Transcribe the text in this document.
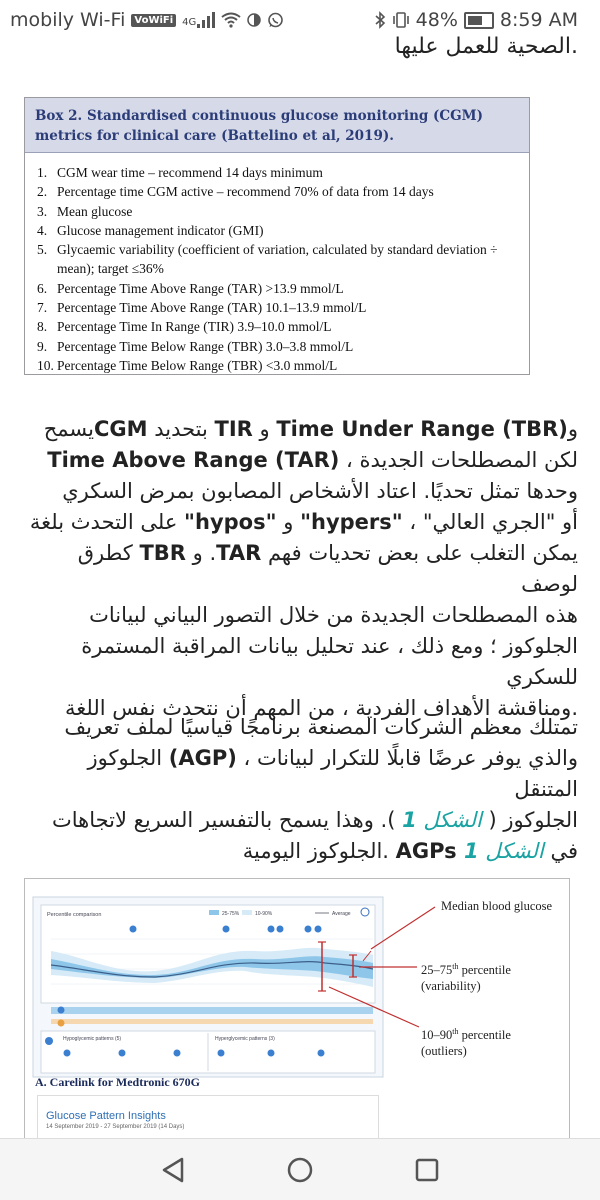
mobily Wi-Fi VoWiFi 4G	48% 8:59 AM
.الصحية للعمل عليها
Box 2. Standardised continuous glucose monitoring (CGM) metrics for clinical care (Battelino et al, 2019).
1. CGM wear time – recommend 14 days minimum
2. Percentage time CGM active – recommend 70% of data from 14 days
3. Mean glucose
4. Glucose management indicator (GMI)
5. Glycaemic variability (coefficient of variation, calculated by standard deviation ÷ mean); target ≤36%
6. Percentage Time Above Range (TAR) >13.9 mmol/L
7. Percentage Time Above Range (TAR) 10.1–13.9 mmol/L
8. Percentage Time In Range (TIR) 3.9–10.0 mmol/L
9. Percentage Time Below Range (TBR) 3.0–3.8 mmol/L
10. Percentage Time Below Range (TBR) <3.0 mmol/L
وTime Under Range (TBR) و TIR بتحديد CGMيسمح
لكن المصطلحات الجديدة ، Time Above Range (TAR)
وحدها تمثل تحديًا. اعتاد الأشخاص المصابون بمرض السكري
أو "الجري العالي" ، "hypers" و "hypos" على التحدث بلغة
يمكن التغلب على بعض تحديات فهم TAR. و TBR كطرق لوصف
هذه المصطلحات الجديدة من خلال التصور البياني لبيانات
الجلوكوز ؛ ومع ذلك ، عند تحليل بيانات المراقبة المستمرة للسكري
.ومناقشة الأهداف الفردية ، من المهم أن نتحدث نفس اللغة
تمتلك معظم الشركات المصنعة برنامجًا قياسيًا لملف تعريف
والذي يوفر عرضًا قابلًا للتكرار لبيانات ، (AGP) الجلوكوز المتنقل
الجلوكوز ( الشكل 1 ). وهذا يسمح بالتفسير السريع لاتجاهات
في الشكل 1 AGPs .الجلوكوز اليومية
Percentile comparison	25-75%	10-90%	Average
Hypoglycemic patterns (5)	Hyperglycemic patterns (3)
Median blood glucose
25–75th percentile
(variability)
10–90th percentile
(outliers)
A. Carelink for Medtronic 670G
Glucose Pattern Insights
14 September 2019 - 27 September 2019 (14 Days)
